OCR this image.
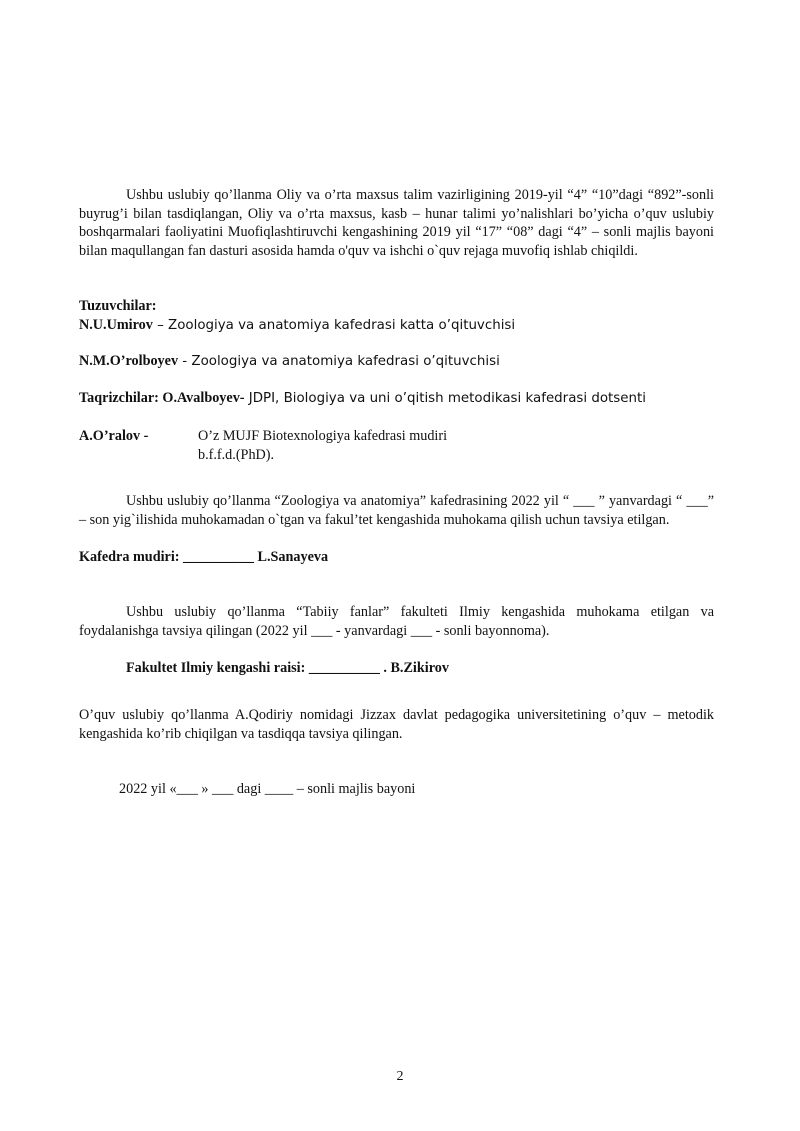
Ushbu uslubiy qo’llanma Oliy va o’rta maxsus talim vazirligining 2019-yil “4” “10”dagi “892”-sonli buyrug’i bilan tasdiqlangan, Oliy va o’rta maxsus, kasb – hunar talimi yo’nalishlari bo’yicha o’quv uslubiy boshqarmalari faoliyatini Muofiqlashtiruvchi kengashining 2019 yil “17” “08” dagi “4” – sonli majlis bayoni bilan maqullangan fan dasturi asosida hamda o'quv va ishchi o`quv rejaga muvofiq ishlab chiqildi.
Tuzuvchilar:
N.U.Umirov – Zoologiya va anatomiya kafedrasi katta o’qituvchisi
N.M.O’rolboyev - Zoologiya va anatomiya kafedrasi o’qituvchisi
Taqrizchilar: O.Avalboyev- JDPI, Biologiya va uni o’qitish metodikasi kafedrasi dotsenti
A.O’ralov -	O’z MUJF Biotexnologiya kafedrasi mudiri
b.f.f.d.(PhD).
Ushbu uslubiy qo’llanma “Zoologiya va anatomiya” kafedrasining 2022 yil “ ___ ” yanvardagi “ ___” – son yig`ilishida muhokamadan o`tgan va fakul’tet kengashida muhokama qilish uchun tavsiya etilgan.
Kafedra mudiri: __________ L.Sanayeva
Ushbu uslubiy qo’llanma “Tabiiy fanlar” fakulteti Ilmiy kengashida muhokama etilgan va foydalanishga tavsiya qilingan (2022 yil ___ - yanvardagi ___ - sonli bayonnoma).
Fakultet Ilmiy kengashi raisi: __________ . B.Zikirov
O’quv uslubiy qo’llanma A.Qodiriy nomidagi Jizzax davlat pedagogika universitetining o’quv – metodik kengashida ko’rib chiqilgan va tasdiqqa tavsiya qilingan.
2022 yil «___ » ___ dagi ____ – sonli majlis bayoni
2
